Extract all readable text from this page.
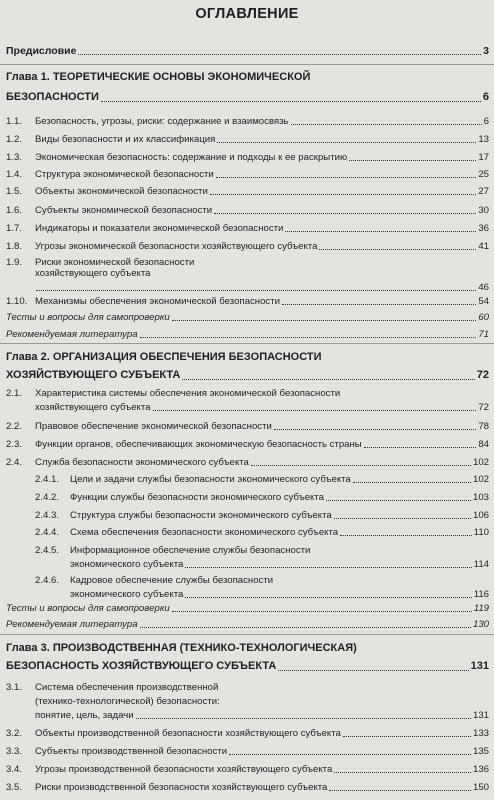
ОГЛАВЛЕНИЕ
Предисловие	3
Глава 1. ТЕОРЕТИЧЕСКИЕ ОСНОВЫ ЭКОНОМИЧЕСКОЙ
БЕЗОПАСНОСТИ	6
1.1.	Безопасность, угрозы, риски: содержание и взаимосвязь	6
1.2.	Виды безопасности и их классификация	13
1.3.	Экономическая безопасность: содержание и подходы к ее раскрытию	17
1.4.	Структура экономической безопасности	25
1.5.	Объекты экономической безопасности	27
1.6.	Субъекты экономической безопасности	30
1.7.	Индикаторы и показатели экономической безопасности	36
1.8.	Угрозы экономической безопасности хозяйствующего субъекта	41
1.9. Риски экономической безопасности
хозяйствующего субъекта
46
1.10. Механизмы обеспечения экономической безопасности	54
Тесты и вопросы для самопроверки	60
Рекомендуемая литература	71
Глава 2. ОРГАНИЗАЦИЯ ОБЕСПЕЧЕНИЯ БЕЗОПАСНОСТИ
ХОЗЯЙСТВУЮЩЕГО СУБЪЕКТА	72
2.1. Характеристика системы обеспечения экономической безопасности
хозяйствующего субъекта	72
2.2.	Правовое обеспечение экономической безопасности	78
2.3.	Функции органов, обеспечивающих экономическую безопасность страны	84
2.4.	Служба безопасности экономического субъекта	102
2.4.1.	Цели и задачи службы безопасности экономического субъекта	102
2.4.2.	Функции службы безопасности экономического субъекта	103
2.4.3.	Структура службы безопасности экономического субъекта	106
2.4.4.	Схема обеспечения безопасности экономического субъекта	110
2.4.5. Информационное обеспечение службы безопасности
экономического субъекта	114
2.4.6. Кадровое обеспечение службы безопасности
экономического субъекта	116
Тесты и вопросы для самопроверки	119
Рекомендуемая литература	130
Глава 3. ПРОИЗВОДСТВЕННАЯ (ТЕХНИКО-ТЕХНОЛОГИЧЕСКАЯ)
БЕЗОПАСНОСТЬ ХОЗЯЙСТВУЮЩЕГО СУБЪЕКТА	131
3.1. Система обеспечения производственной
(технико-технологической) безопасности:
понятие, цель, задачи	131
3.2.	Объекты производственной безопасности хозяйствующего субъекта	133
3.3.	Субъекты производственной безопасности	135
3.4.	Угрозы производственной безопасности хозяйствующего субъекта	136
3.5.	Риски производственной безопасности хозяйствующего субъекта	150
